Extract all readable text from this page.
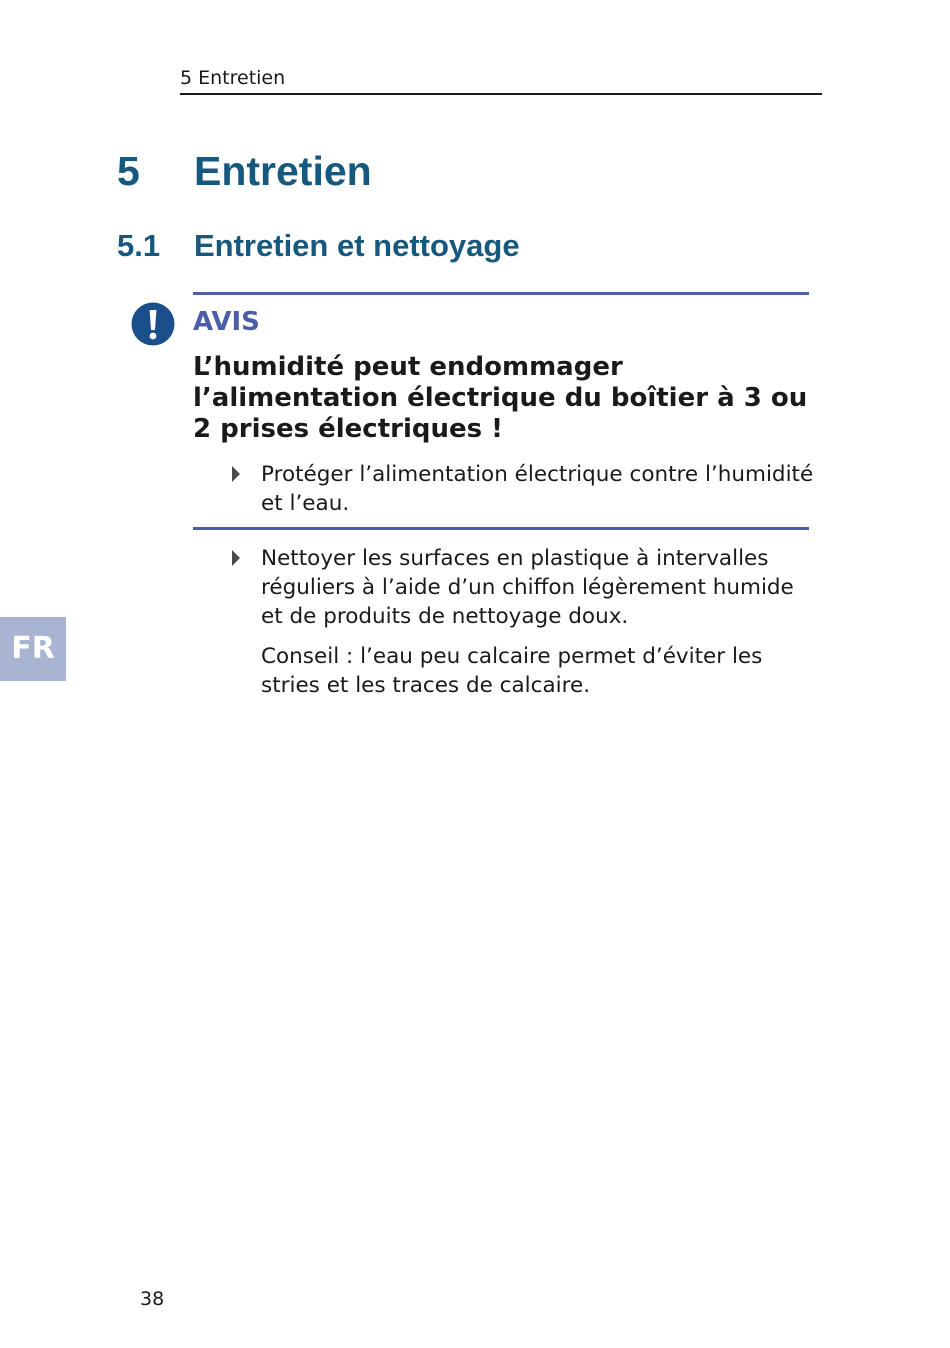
5 Entretien
5 Entretien
5.1 Entretien et nettoyage
AVIS
L’humidité peut endommager l’alimentation électrique du boîtier à 3 ou 2 prises électriques !
Protéger l’alimentation électrique contre l’humidité et l’eau.
Nettoyer les surfaces en plastique à intervalles réguliers à l’aide d’un chiffon légèrement humide et de produits de nettoyage doux.
Conseil : l’eau peu calcaire permet d’éviter les stries et les traces de calcaire.
FR
38
